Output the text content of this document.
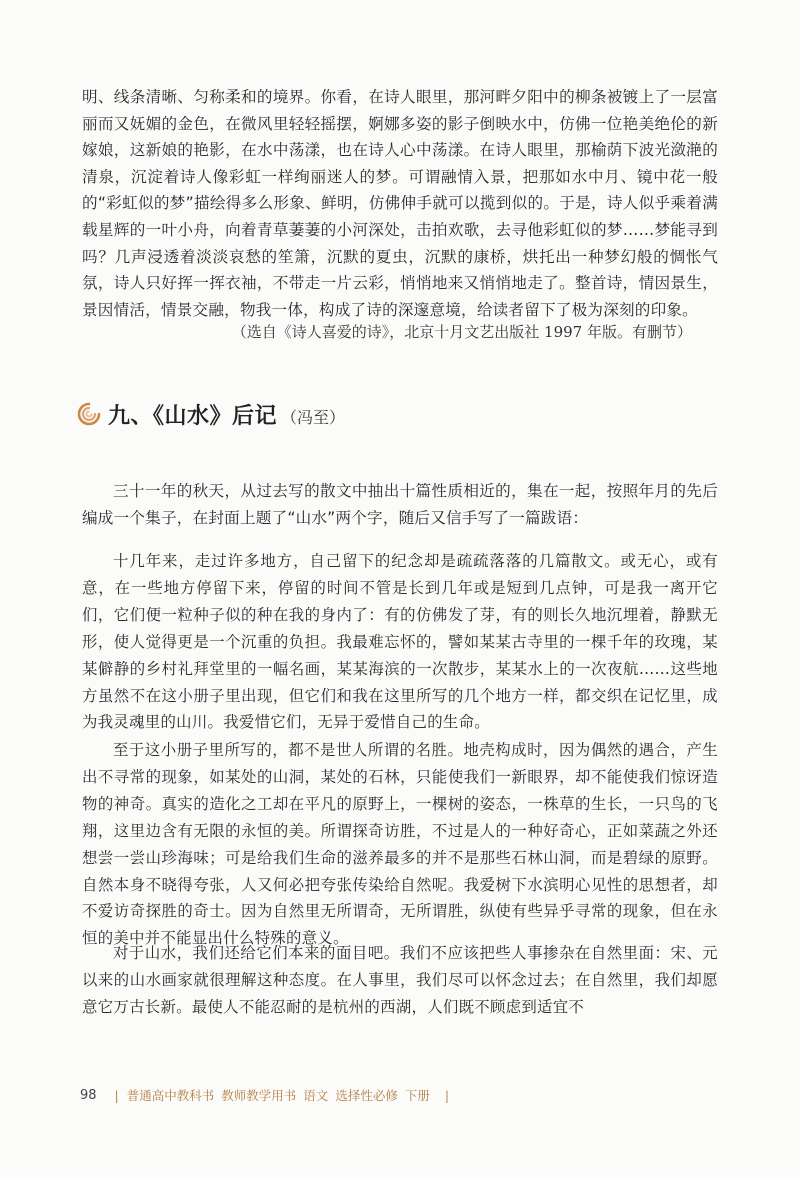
明、线条清晰、匀称柔和的境界。你看，在诗人眼里，那河畔夕阳中的柳条被镀上了一层富丽而又妩媚的金色，在微风里轻轻摇摆，婀娜多姿的影子倒映水中，仿佛一位艳美绝伦的新嫁娘，这新娘的艳影，在水中荡漾，也在诗人心中荡漾。在诗人眼里，那榆荫下波光潋滟的清泉，沉淀着诗人像彩虹一样绚丽迷人的梦。可谓融情入景，把那如水中月、镜中花一般的“彩虹似的梦”描绘得多么形象、鲜明，仿佛伸手就可以揽到似的。于是，诗人似乎乘着满载星辉的一叶小舟，向着青草萋萋的小河深处，击拍欢歌，去寻他彩虹似的梦……梦能寻到吗？几声浸透着淡淡哀愁的笙箫，沉默的夏虫，沉默的康桥，烘托出一种梦幻般的惆怅气氛，诗人只好挥一挥衣袖，不带走一片云彩，悄悄地来又悄悄地走了。整首诗，情因景生，景因情活，情景交融，物我一体，构成了诗的深邃意境，给读者留下了极为深刻的印象。

（选自《诗人喜爱的诗》，北京十月文艺出版社 1997 年版。有删节）
九、《山水》后记 （冯至）

三十一年的秋天，从过去写的散文中抽出十篇性质相近的，集在一起，按照年月的先后编成一个集子，在封面上题了“山水”两个字，随后又信手写了一篇跋语：

十几年来，走过许多地方，自己留下的纪念却是疏疏落落的几篇散文。或无心，或有意，在一些地方停留下来，停留的时间不管是长到几年或是短到几点钟，可是我一离开它们，它们便一粒种子似的种在我的身内了：有的仿佛发了芽，有的则长久地沉埋着，静默无形，使人觉得更是一个沉重的负担。我最难忘怀的，譬如某某古寺里的一棵千年的玫瑰，某某僻静的乡村礼拜堂里的一幅名画，某某海滨的一次散步，某某水上的一次夜航……这些地方虽然不在这小册子里出现，但它们和我在这里所写的几个地方一样，都交织在记忆里，成为我灵魂里的山川。我爱惜它们，无异于爱惜自己的生命。

至于这小册子里所写的，都不是世人所谓的名胜。地壳构成时，因为偶然的遇合，产生出不寻常的现象，如某处的山洞，某处的石林，只能使我们一新眼界，却不能使我们惊讶造物的神奇。真实的造化之工却在平凡的原野上，一棵树的姿态，一株草的生长，一只鸟的飞翔，这里边含有无限的永恒的美。所谓探奇访胜，不过是人的一种好奇心，正如菜蔬之外还想尝一尝山珍海味；可是给我们生命的滋养最多的并不是那些石林山洞，而是碧绿的原野。自然本身不晓得夸张，人又何必把夸张传染给自然呢。我爱树下水滨明心见性的思想者，却不爱访奇探胜的奇士。因为自然里无所谓奇，无所谓胜，纵使有些异乎寻常的现象，但在永恒的美中并不能显出什么特殊的意义。

对于山水，我们还给它们本来的面目吧。我们不应该把些人事掺杂在自然里面：宋、元以来的山水画家就很理解这种态度。在人事里，我们尽可以怀念过去；在自然里，我们却愿意它万古长新。最使人不能忍耐的是杭州的西湖，人们既不顾虑到适宜不

98 | 普通高中教科书 教师教学用书 语文 选择性必修 下册 |
